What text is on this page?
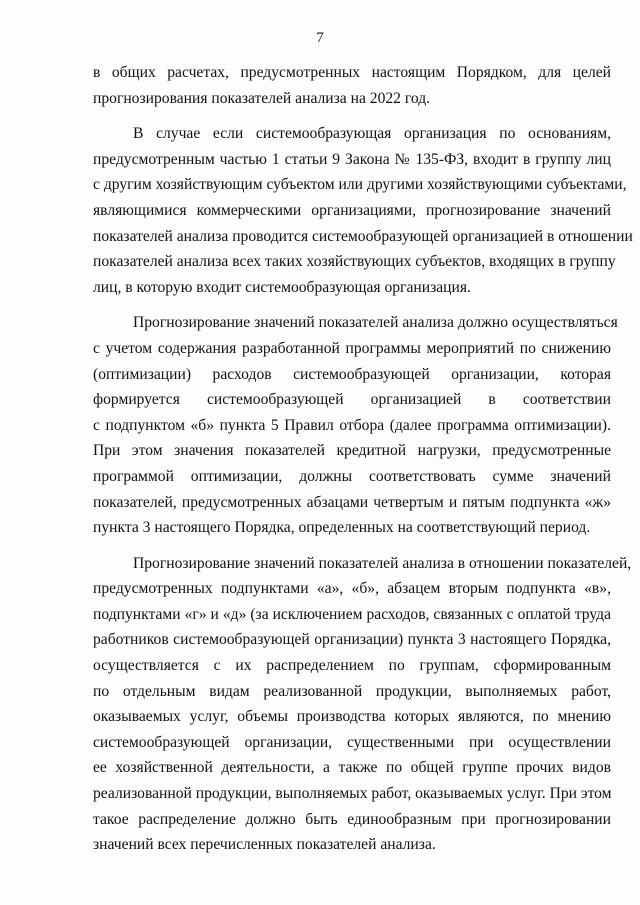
7
в общих расчетах, предусмотренных настоящим Порядком, для целей
прогнозирования показателей анализа на 2022 год.
В случае если системообразующая организация по основаниям,
предусмотренным частью 1 статьи 9 Закона № 135-ФЗ, входит в группу лиц
с другим хозяйствующим субъектом или другими хозяйствующими субъектами,
являющимися коммерческими организациями, прогнозирование значений
показателей анализа проводится системообразующей организацией в отношении
показателей анализа всех таких хозяйствующих субъектов, входящих в группу
лиц, в которую входит системообразующая организация.
Прогнозирование значений показателей анализа должно осуществляться
с учетом содержания разработанной программы мероприятий по снижению
(оптимизации) расходов системообразующей организации, которая
формируется системообразующей организацией в соответствии
с подпунктом «б» пункта 5 Правил отбора (далее программа оптимизации).
При этом значения показателей кредитной нагрузки, предусмотренные
программой оптимизации, должны соответствовать сумме значений
показателей, предусмотренных абзацами четвертым и пятым подпункта «ж»
пункта 3 настоящего Порядка, определенных на соответствующий период.
Прогнозирование значений показателей анализа в отношении показателей,
предусмотренных подпунктами «а», «б», абзацем вторым подпункта «в»,
подпунктами «г» и «д» (за исключением расходов, связанных с оплатой труда
работников системообразующей организации) пункта 3 настоящего Порядка,
осуществляется с их распределением по группам, сформированным
по отдельным видам реализованной продукции, выполняемых работ,
оказываемых услуг, объемы производства которых являются, по мнению
системообразующей организации, существенными при осуществлении
ее хозяйственной деятельности, а также по общей группе прочих видов
реализованной продукции, выполняемых работ, оказываемых услуг. При этом
такое распределение должно быть единообразным при прогнозировании
значений всех перечисленных показателей анализа.
